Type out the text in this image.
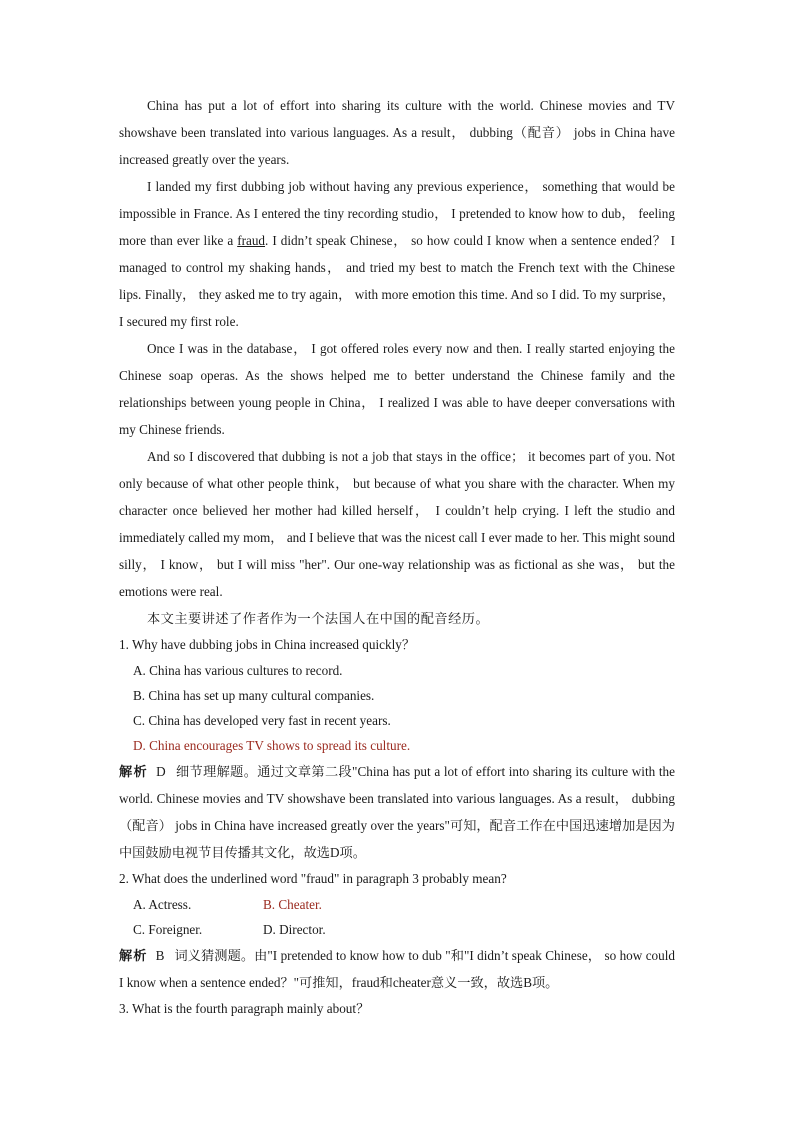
China has put a lot of effort into sharing its culture with the world. Chinese movies and TV showshave been translated into various languages. As a result， dubbing（配音） jobs in China have increased greatly over the years.

I landed my first dubbing job without having any previous experience， something that would be impossible in France. As I entered the tiny recording studio， I pretended to know how to dub， feeling more than ever like a fraud. I didn’t speak Chinese， so how could I know when a sentence ended？ I managed to control my shaking hands， and tried my best to match the French text with the Chinese lips. Finally， they asked me to try again， with more emotion this time. And so I did. To my surprise， I secured my first role.

Once I was in the database， I got offered roles every now and then. I really started enjoying the Chinese soap operas. As the shows helped me to better understand the Chinese family and the relationships between young people in China， I realized I was able to have deeper conversations with my Chinese friends.

And so I discovered that dubbing is not a job that stays in the office； it becomes part of you. Not only because of what other people think， but because of what you share with the character. When my character once believed her mother had killed herself， I couldn’t help crying. I left the studio and immediately called my mom， and I believe that was the nicest call I ever made to her. This might sound silly， I know， but I will miss "her". Our one-way relationship was as fictional as she was， but the emotions were real.

本文主要讲述了作者作为一个法国人在中国的配音经历。

1. Why have dubbing jobs in China increased quickly？

A. China has various cultures to record.

B. China has set up many cultural companies.

C. China has developed very fast in recent years.

D. China encourages TV shows to spread its culture.

解析 D 细节理解题。通过文章第二段"China has put a lot of effort into sharing its culture with the world. Chinese movies and TV showshave been translated into various languages. As a result， dubbing（配音） jobs in China have increased greatly over the years"可知，配音工作在中国迅速增加是因为中国鼓励电视节目传播其文化，故选D项。

2. What does the underlined word "fraud" in paragraph 3 probably mean?

A. Actress.	B. Cheater.
C. Foreigner.	D. Director.

解析 B 词义猜测题。由"I pretended to know how to dub "和"I didn’t speak Chinese， so how could I know when a sentence ended？"可推知，fraud和cheater意义一致，故选B项。

3. What is the fourth paragraph mainly about？
